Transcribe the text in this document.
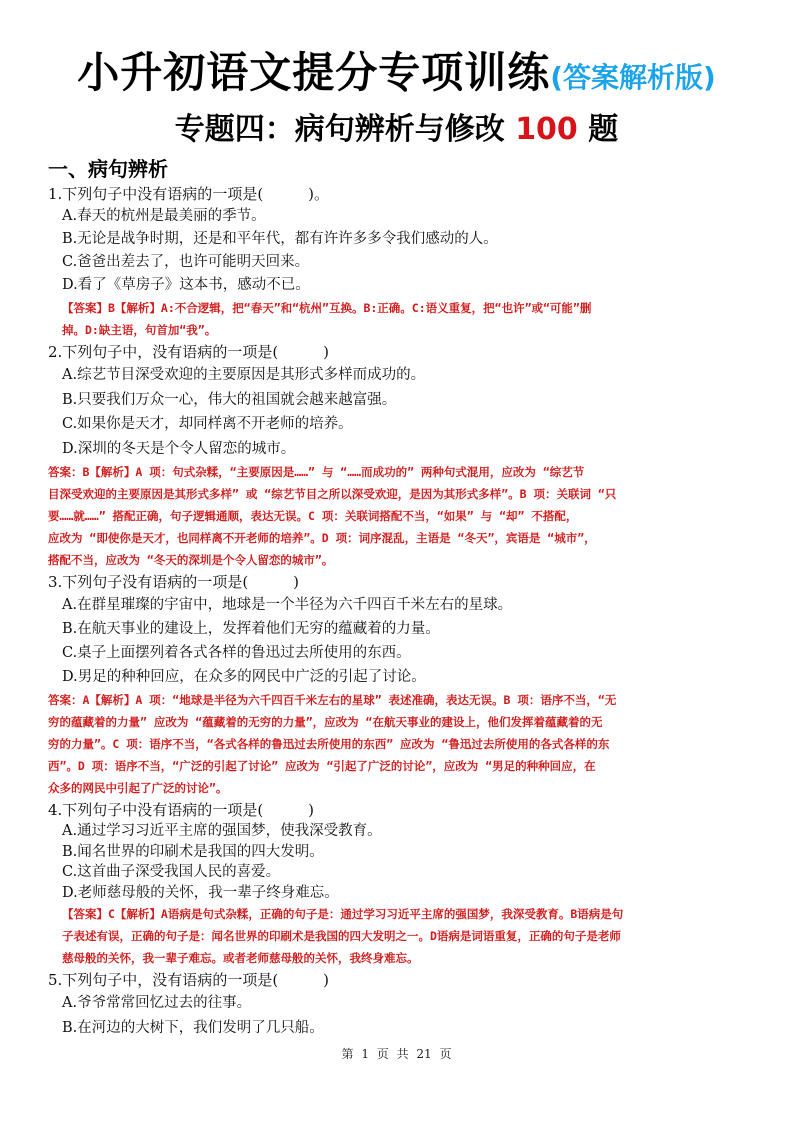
小升初语文提分专项训练(答案解析版)
专题四：病句辨析与修改 100 题
一、病句辨析

1.下列句子中没有语病的一项是(　　　)。

A.春天的杭州是最美丽的季节。

B.无论是战争时期，还是和平年代，都有许许多多令我们感动的人。

C.爸爸出差去了，也许可能明天回来。

D.看了《草房子》这本书，感动不已。

【答案】B【解析】A:不合逻辑，把“春天”和“杭州”互换。B:正确。C:语义重复，把“也许”或“可能”删

掉。D:缺主语，句首加“我”。

2.下列句子中，没有语病的一项是(　　　)

A.综艺节目深受欢迎的主要原因是其形式多样而成功的。

B.只要我们万众一心，伟大的祖国就会越来越富强。

C.如果你是天才，却同样离不开老师的培养。

D.深圳的冬天是个令人留恋的城市。

答案：B【解析】A 项：句式杂糅，“主要原因是……” 与 “……而成功的” 两种句式混用，应改为 “综艺节

目深受欢迎的主要原因是其形式多样” 或 “综艺节目之所以深受欢迎，是因为其形式多样”。B 项：关联词 “只

要……就……” 搭配正确，句子逻辑通顺，表达无误。C 项：关联词搭配不当，“如果” 与 “却” 不搭配，

应改为 “即使你是天才，也同样离不开老师的培养”。D 项：词序混乱，主语是 “冬天”，宾语是 “城市”，

搭配不当，应改为 “冬天的深圳是个令人留恋的城市”。

3.下列句子没有语病的一项是(　　　)

A.在群星璀璨的宇宙中，地球是一个半径为六千四百千米左右的星球。

B.在航天事业的建设上，发挥着他们无穷的蕴藏着的力量。

C.桌子上面摆列着各式各样的鲁迅过去所使用的东西。

D.男足的种种回应，在众多的网民中广泛的引起了讨论。

答案：A【解析】A 项：“地球是半径为六千四百千米左右的星球” 表述准确，表达无误。B 项：语序不当，“无

穷的蕴藏着的力量” 应改为 “蕴藏着的无穷的力量”，应改为 “在航天事业的建设上，他们发挥着蕴藏着的无

穷的力量”。C 项：语序不当，“各式各样的鲁迅过去所使用的东西” 应改为 “鲁迅过去所使用的各式各样的东

西”。D 项：语序不当，“广泛的引起了讨论” 应改为 “引起了广泛的讨论”，应改为 “男足的种种回应，在

众多的网民中引起了广泛的讨论”。

4.下列句子中没有语病的一项是(　　　)

A.通过学习习近平主席的强国梦，使我深受教育。

B.闻名世界的印刷术是我国的四大发明。

C.这首曲子深受我国人民的喜爱。

D.老师慈母般的关怀，我一辈子终身难忘。

【答案】C【解析】A语病是句式杂糅，正确的句子是：通过学习习近平主席的强国梦，我深受教育。B语病是句

子表述有误，正确的句子是：闻名世界的印刷术是我国的四大发明之一。D语病是词语重复，正确的句子是老师

慈母般的关怀，我一辈子难忘。或者老师慈母般的关怀，我终身难忘。

5.下列句子中，没有语病的一项是(　　　)

A.爷爷常常回忆过去的往事。

B.在河边的大树下，我们发明了几只船。

第 1 页 共 21 页
